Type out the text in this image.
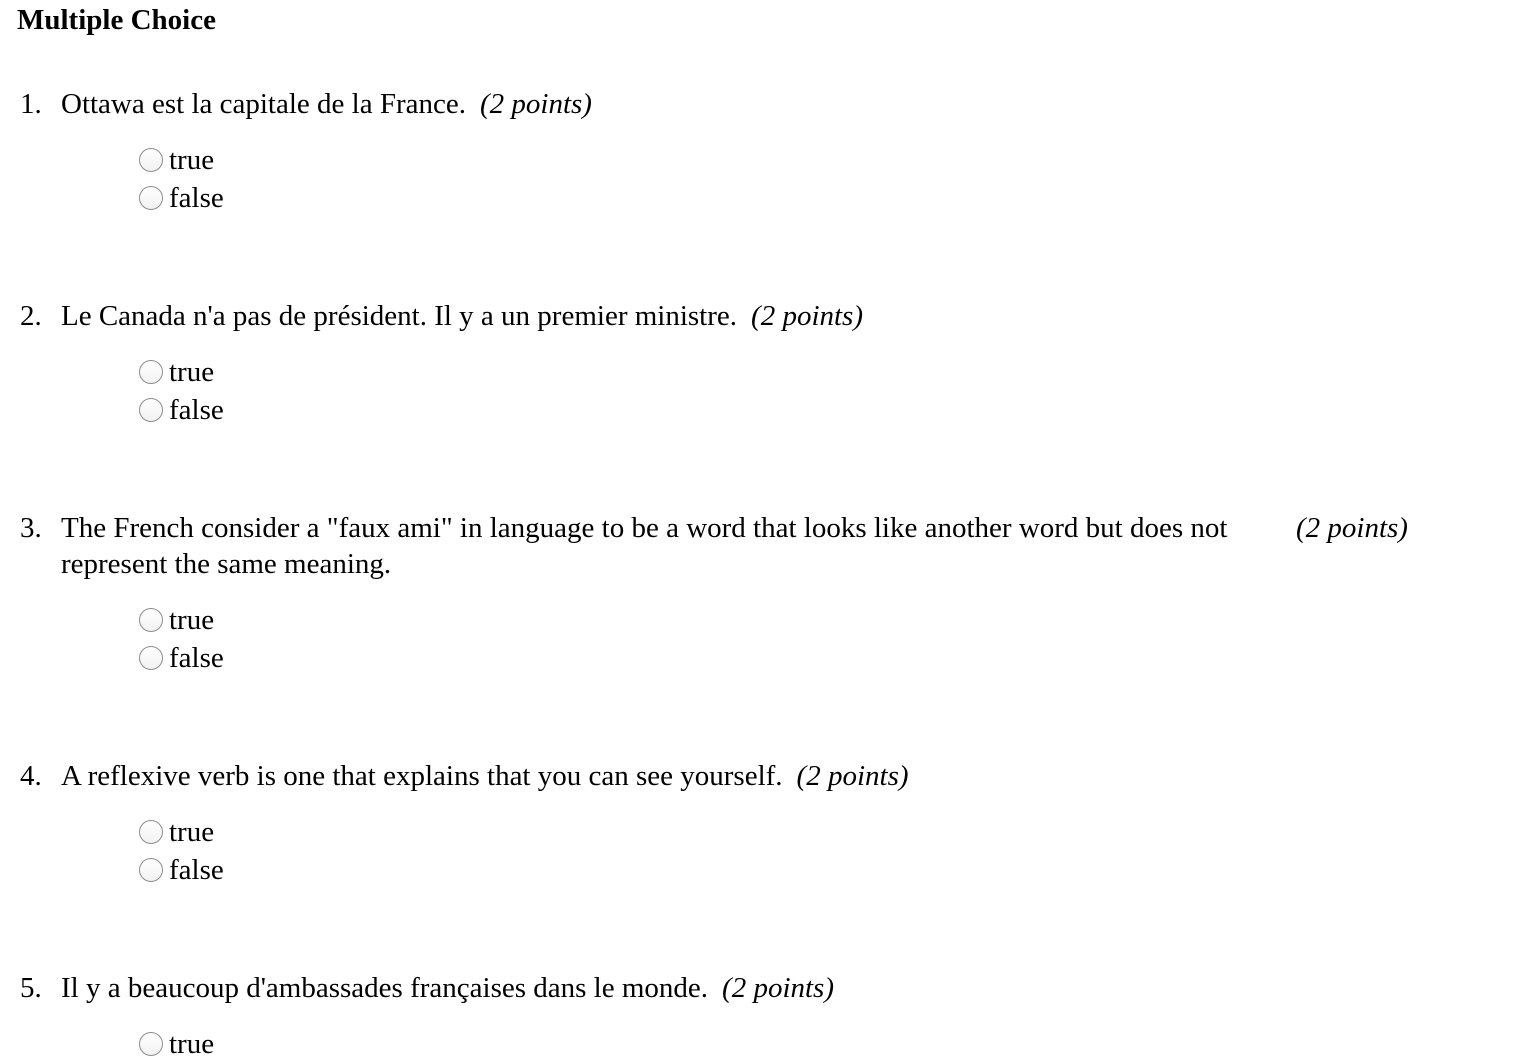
Multiple Choice
1. Ottawa est la capitale de la France. (2 points)
true
false
2. Le Canada n'a pas de président. Il y a un premier ministre. (2 points)
true
false
3. The French consider a "faux ami" in language to be a word that looks like another word but does not represent the same meaning.
(2 points)
true
false
4. A reflexive verb is one that explains that you can see yourself. (2 points)
true
false
5. Il y a beaucoup d'ambassades françaises dans le monde. (2 points)
true
